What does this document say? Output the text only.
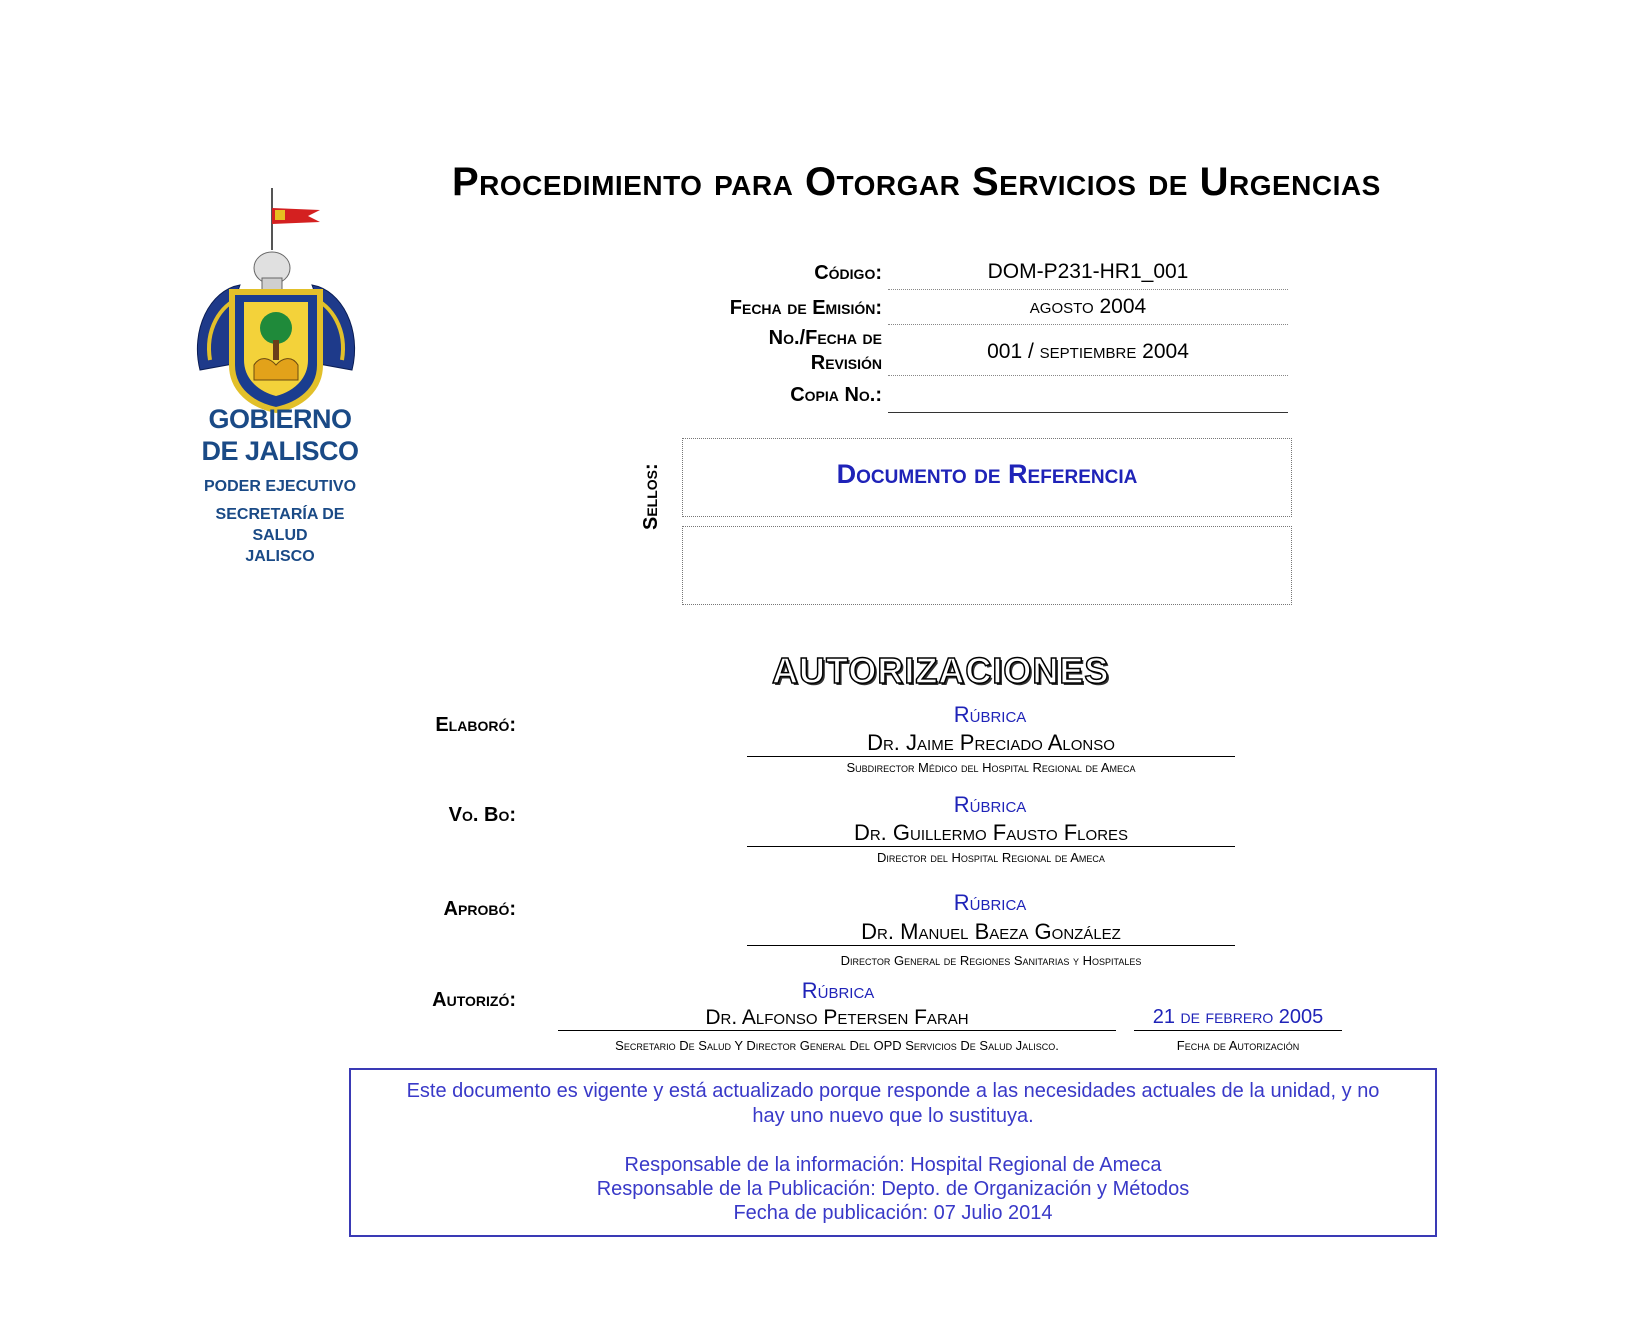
Procedimiento para Otorgar Servicios de Urgencias
GOBIERNO
DE JALISCO
PODER EJECUTIVO
SECRETARÍA DE
SALUD
JALISCO
Código:	DOM-P231-HR1_001
Fecha de Emisión:	agosto 2004
No./Fecha de
Revisión	001 / septiembre 2004
Copia No.:
Sellos:	Documento de Referencia
AUTORIZACIONES
Elaboró:	Rúbrica
Dr. Jaime Preciado Alonso
Subdirector Médico del Hospital Regional de Ameca
Vo. Bo:	Rúbrica
Dr. Guillermo Fausto Flores
Director del Hospital Regional de Ameca
Aprobó:	Rúbrica
Dr. Manuel Baeza González
Director General de Regiones Sanitarias y Hospitales
Autorizó:	Rúbrica
Dr. Alfonso Petersen Farah
Secretario De Salud Y Director General Del OPD Servicios De Salud Jalisco.
21 de febrero 2005
Fecha de Autorización
Este documento es vigente y está actualizado porque responde a las necesidades actuales de la unidad, y no
hay uno nuevo que lo sustituya.
Responsable de la información: Hospital Regional de Ameca
Responsable de la Publicación: Depto. de Organización y Métodos
Fecha de publicación: 07 Julio 2014
